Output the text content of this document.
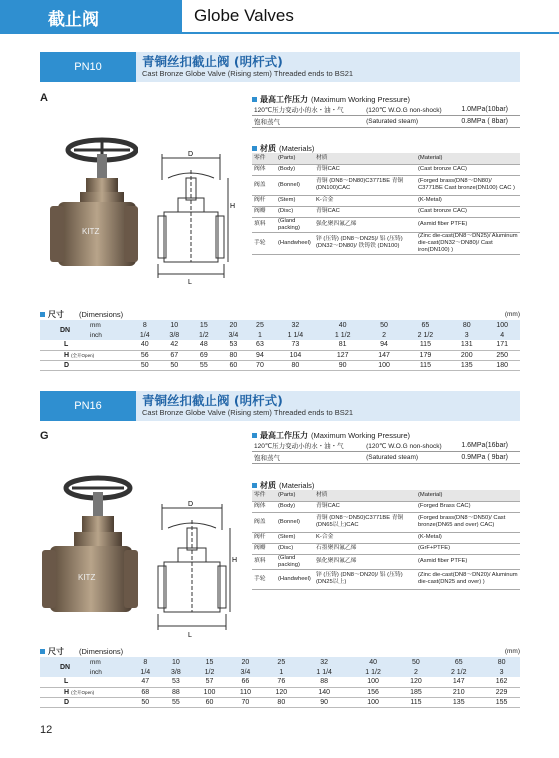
截止阀	Globe Valves
PN10	青铜丝扣截止阀 (明杆式)
Cast Bronze Globe Valve (Rising stem) Threaded ends to BS21
A
KITZ
D
H
L
最高工作压力 (Maximum Working Pressure)
120℃压力变动小的水・油・气	(120℃ W.O.G non-shock)	1.0MPa(10bar)
饱和蒸气	(Saturated steam)	0.8MPa ( 8bar)
材质 (Materials)
零件	(Parts)	材质	(Material)
阀体	(Body)	青铜CAC	(Cast bronze CAC)
阀盖	(Bonnel)	青铜 (DN8～DN80)C3771BE 青铜 (DN100)CAC	(Forged brass(DN8～DN80)/ C3771BE Cast bronze(DN100) CAC )
阀杆	(Stem)	K-合金	(K-Metal)
阀瓣	(Disc)	青铜CAC	(Cast bronze CAC)
填料	(Gland packing)	强化聚四氟乙烯	(Asmid fiber PTFE)
手轮	(Handwheel)	锌 (压铸) (DN8～DN25)/ 铝 (压铸) (DN32～DN80)/ 铁铸铁 (DN100)	(Zinc die-cast(DN8～DN25)/ Aluminum die-cast(DN32～DN80)/ Cast iron(DN100) )
尺寸 (Dimensions)	(mm)
DN	mm	8	10	15	20	25	32	40	50	65	80	100
	inch	1/4	3/8	1/2	3/4	1	1 1/4	1 1/2	2	2 1/2	3	4
L		40	42	48	53	63	73	81	94	115	131	171
H (全开Open)		56	67	69	80	94	104	127	147	179	200	250
D		50	50	55	60	70	80	90	100	115	135	180
PN16	青铜丝扣截止阀 (明杆式)
Cast Bronze Globe Valve (Rising stem) Threaded ends to BS21
G
KITZ
D
H
L
最高工作压力 (Maximum Working Pressure)
120℃压力变动小的水・油・气	(120℃ W.O.G non-shock)	1.6MPa(16bar)
饱和蒸气	(Saturated steam)	0.9MPa ( 9bar)
材质 (Materials)
零件	(Parts)	材质	(Material)
阀体	(Body)	青铜CAC	(Forged Brass CAC)
阀盖	(Bonnel)	青铜 (DN8～DN50)C3771BE 青铜 (DN65以上)CAC	(Forged brass(DN8～DN50)/ Cast bronze(DN65 and over) CAC)
阀杆	(Stem)	K-合金	(K-Metal)
阀瓣	(Disc)	石墨聚四氟乙烯	(GrF+PTFE)
填料	(Gland packing)	强化聚四氟乙烯	(Asmid fiber PTFE)
手轮	(Handwheel)	锌 (压铸) (DN8～DN20)/ 铝 (压铸) (DN25以上)	(Zinc die-cast(DN8～DN20)/ Aluminum die-cast(DN25 and over) )
尺寸 (Dimensions)	(mm)
DN	mm	8	10	15	20	25	32	40	50	65	80
	inch	1/4	3/8	1/2	3/4	1	1 1/4	1 1/2	2	2 1/2	3
L		47	53	57	66	76	88	100	120	147	162
H (全开Open)		68	88	100	110	120	140	156	185	210	229
D		50	55	60	70	80	90	100	115	135	155
12
